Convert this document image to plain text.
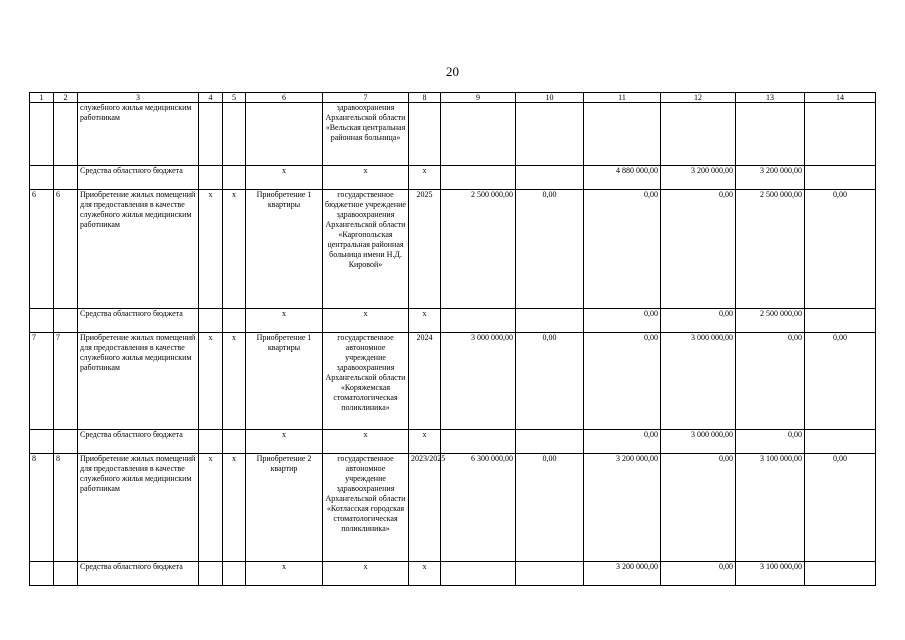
20
1	2	3	4	5	6	7	8	9	10	11	12	13	14
		служебного жилья медицинским работникам				здравоохранения Архангельской области «Вельская центральная районная больница»							
		Средства областного бюджета			х	х	х			4 880 000,00	3 200 000,00	3 200 000,00	
6	6	Приобретение жилых помещений для предоставления в качестве служебного жилья медицинским работникам	х	х	Приобретение 1 квартиры	государственное бюджетное учреждение здравоохранения Архангельской области «Каргопольская центральная районная больница имени Н.Д. Кировой»	2025	2 500 000,00	0,00	0,00	0,00	2 500 000,00	0,00
		Средства областного бюджета			х	х	х			0,00	0,00	2 500 000,00	
7	7	Приобретение жилых помещений для предоставления в качестве служебного жилья медицинским работникам	х	х	Приобретение 1 квартиры	государственное автономное учреждение здравоохранения Архангельской области «Коряжемская стоматологическая поликлиника»	2024	3 000 000,00	0,00	0,00	3 000 000,00	0,00	0,00
		Средства областного бюджета			х	х	х			0,00	3 000 000,00	0,00	
8	8	Приобретение жилых помещений для предоставления в качестве служебного жилья медицинским работникам	х	х	Приобретение 2 квартир	государственное автономное учреждение здравоохранения Архангельской области «Котласская городская стоматологическая поликлиника»	2023/2025	6 300 000,00	0,00	3 200 000,00	0,00	3 100 000,00	0,00
		Средства областного бюджета			х	х	х			3 200 000,00	0,00	3 100 000,00	
